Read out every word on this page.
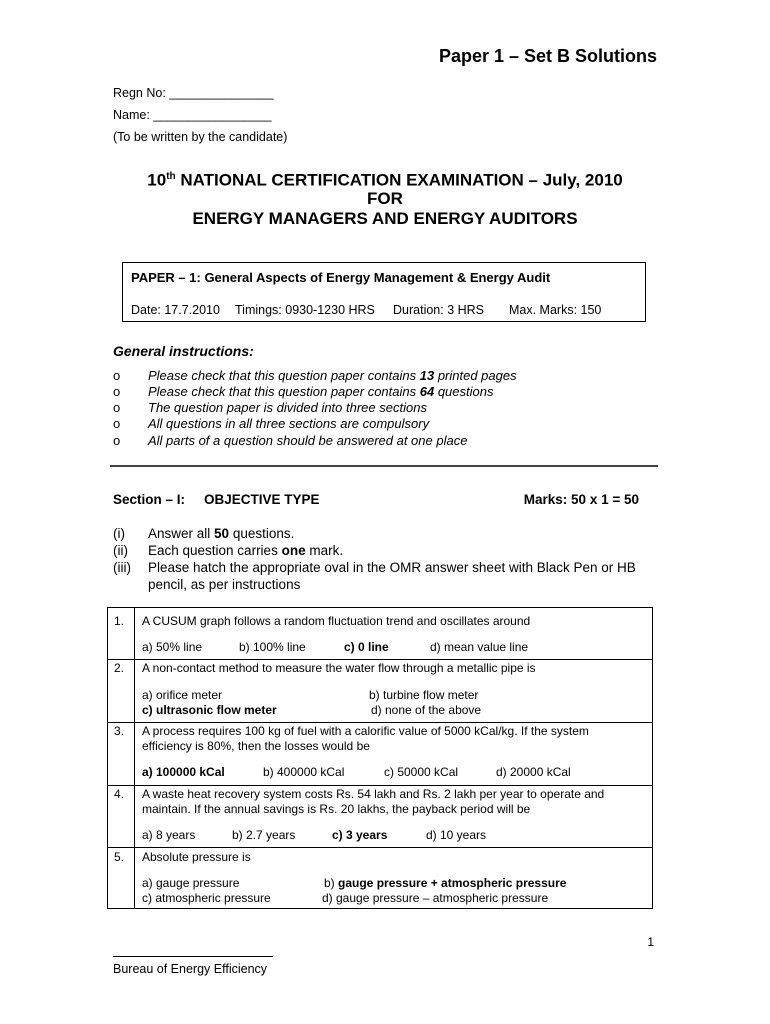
Paper 1 – Set B Solutions
Regn No: _______________
Name: _________________
(To be written by the candidate)
10th NATIONAL CERTIFICATION EXAMINATION – July, 2010
FOR
ENERGY MANAGERS AND ENERGY AUDITORS
PAPER – 1: General Aspects of Energy Management & Energy Audit
Date: 17.7.2010 Timings: 0930-1230 HRS Duration: 3 HRS Max. Marks: 150
General instructions:
o Please check that this question paper contains 13 printed pages
o Please check that this question paper contains 64 questions
o The question paper is divided into three sections
o All questions in all three sections are compulsory
o All parts of a question should be answered at one place
Section – I: OBJECTIVE TYPE	Marks: 50 x 1 = 50
(i) Answer all 50 questions.
(ii) Each question carries one mark.
(iii) Please hatch the appropriate oval in the OMR answer sheet with Black Pen or HB
pencil, as per instructions
1. A CUSUM graph follows a random fluctuation trend and oscillates around
a) 50% line	b) 100% line	c) 0 line	d) mean value line
2. A non-contact method to measure the water flow through a metallic pipe is
a) orifice meter	b) turbine flow meter
c) ultrasonic flow meter	d) none of the above
3. A process requires 100 kg of fuel with a calorific value of 5000 kCal/kg. If the system
efficiency is 80%, then the losses would be
a) 100000 kCal	b) 400000 kCal	c) 50000 kCal	d) 20000 kCal
4. A waste heat recovery system costs Rs. 54 lakh and Rs. 2 lakh per year to operate and
maintain. If the annual savings is Rs. 20 lakhs, the payback period will be
a) 8 years	b) 2.7 years	c) 3 years	d) 10 years
5. Absolute pressure is
a) gauge pressure	b) gauge pressure + atmospheric pressure
c) atmospheric pressure	d) gauge pressure – atmospheric pressure
1
Bureau of Energy Efficiency
